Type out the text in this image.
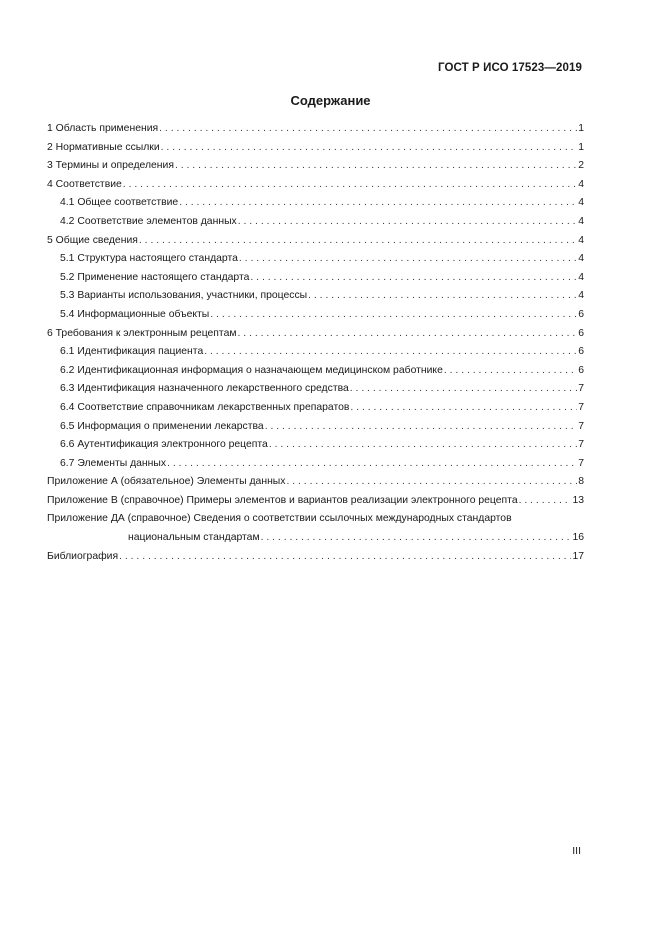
ГОСТ Р ИСО 17523—2019
Содержание
1 Область применения . . .	1
2 Нормативные ссылки . . .	1
3 Термины и определения . . .	2
4 Соответствие . . .	4
4.1 Общее соответствие . . .	4
4.2 Соответствие элементов данных . . .	4
5 Общие сведения . . .	4
5.1 Структура настоящего стандарта . . .	4
5.2 Применение настоящего стандарта . . .	4
5.3 Варианты использования, участники, процессы . . .	4
5.4 Информационные объекты . . .	6
6 Требования к электронным рецептам . . .	6
6.1 Идентификация пациента . . .	6
6.2 Идентификационная информация о назначающем медицинском работнике . . .	6
6.3 Идентификация назначенного лекарственного средства . . .	7
6.4 Соответствие справочникам лекарственных препаратов . . .	7
6.5 Информация о применении лекарства . . .	7
6.6 Аутентификация электронного рецепта . . .	7
6.7 Элементы данных . . .	7
Приложение А (обязательное) Элементы данных . . .	8
Приложение В (справочное) Примеры элементов и вариантов реализации электронного рецепта . . .	13
Приложение ДА (справочное) Сведения о соответствии ссылочных международных стандартов
национальным стандартам . . .	16
Библиография . . .	17
III
